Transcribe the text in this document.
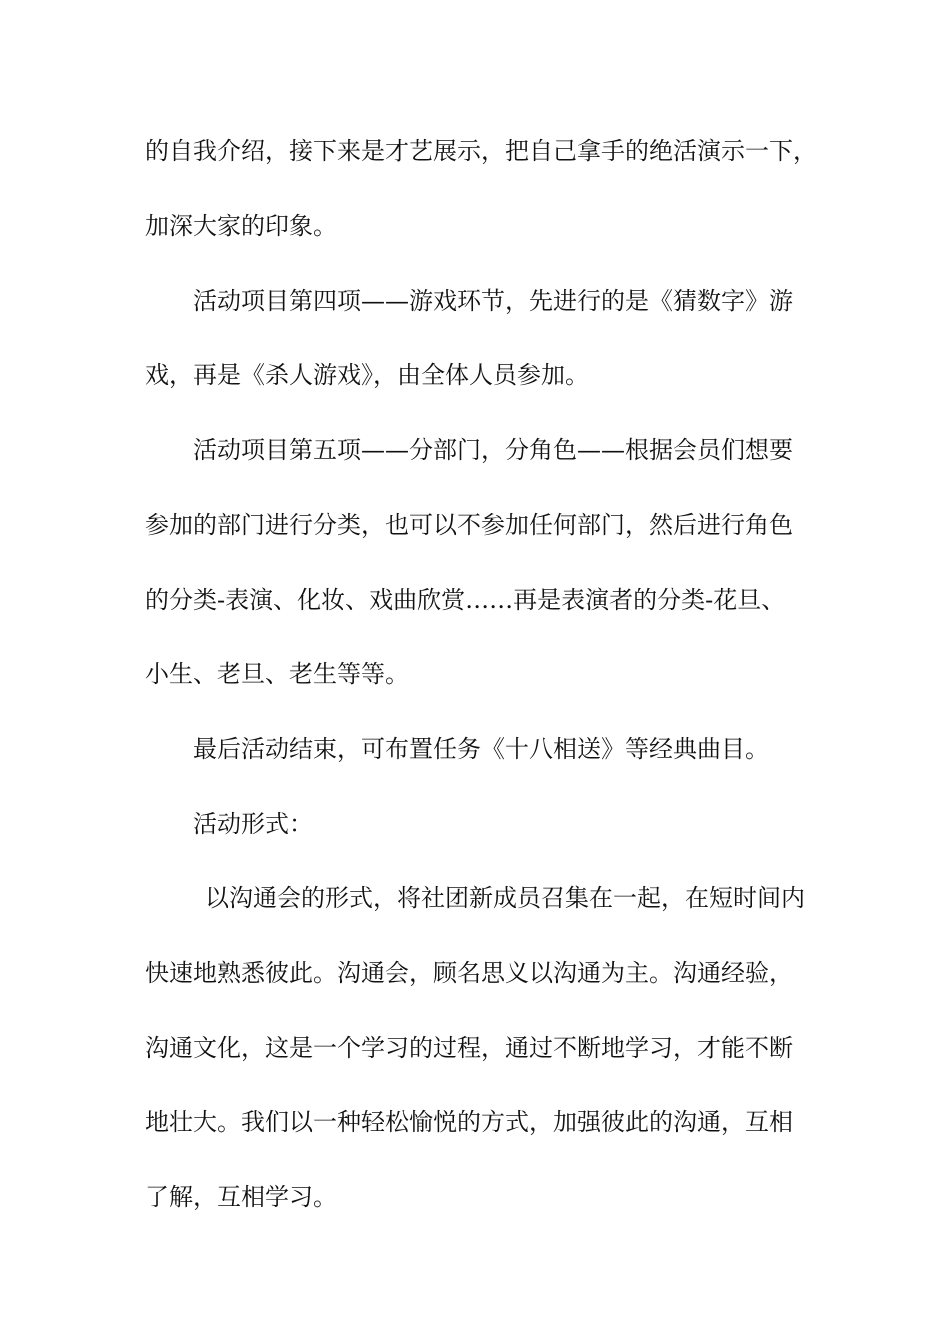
的自我介绍，接下来是才艺展示，把自己拿手的绝活演示一下，

加深大家的印象。

活动项目第四项——游戏环节，先进行的是《猜数字》游

戏，再是《杀人游戏》，由全体人员参加。

活动项目第五项——分部门，分角色——根据会员们想要

参加的部门进行分类，也可以不参加任何部门，然后进行角色

的分类-表演、化妆、戏曲欣赏……再是表演者的分类-花旦、

小生、老旦、老生等等。

最后活动结束，可布置任务《十八相送》等经典曲目。

活动形式：

以沟通会的形式，将社团新成员召集在一起，在短时间内

快速地熟悉彼此。沟通会，顾名思义以沟通为主。沟通经验，

沟通文化，这是一个学习的过程，通过不断地学习，才能不断

地壮大。我们以一种轻松愉悦的方式，加强彼此的沟通，互相

了解，互相学习。
